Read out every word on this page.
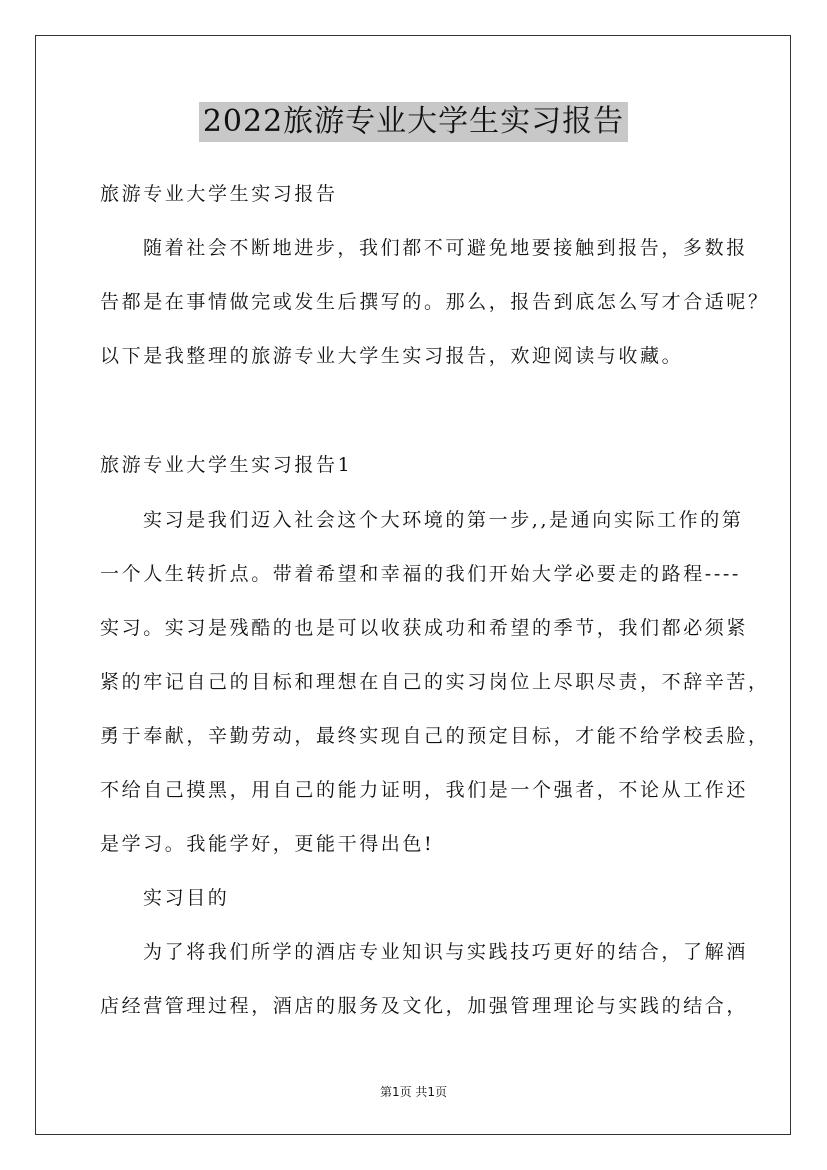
2022旅游专业大学生实习报告
旅游专业大学生实习报告
随着社会不断地进步，我们都不可避免地要接触到报告，多数报
告都是在事情做完或发生后撰写的。那么，报告到底怎么写才合适呢？
以下是我整理的旅游专业大学生实习报告，欢迎阅读与收藏。
旅游专业大学生实习报告1
实习是我们迈入社会这个大环境的第一步,,是通向实际工作的第
一个人生转折点。带着希望和幸福的我们开始大学必要走的路程----
实习。实习是残酷的也是可以收获成功和希望的季节，我们都必须紧
紧的牢记自己的目标和理想在自己的实习岗位上尽职尽责，不辞辛苦，
勇于奉献，辛勤劳动，最终实现自己的预定目标，才能不给学校丢脸，
不给自己摸黑，用自己的能力证明，我们是一个强者，不论从工作还
是学习。我能学好，更能干得出色!
实习目的
为了将我们所学的酒店专业知识与实践技巧更好的结合，了解酒
店经营管理过程，酒店的服务及文化，加强管理理论与实践的结合，
第1页 共1页
